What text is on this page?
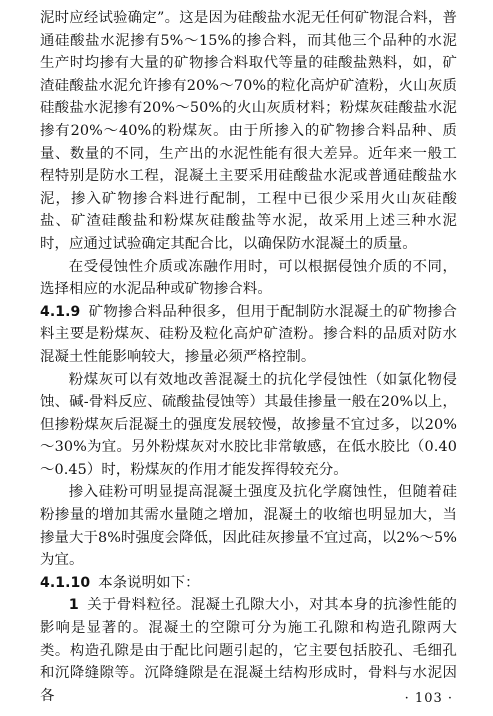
泥时应经试验确定”。这是因为硅酸盐水泥无任何矿物混合料，普通硅酸盐水泥掺有5%～15%的掺合料，而其他三个品种的水泥生产时均掺有大量的矿物掺合料取代等量的硅酸盐熟料，如，矿渣硅酸盐水泥允许掺有20%～70%的粒化高炉矿渣粉，火山灰质硅酸盐水泥掺有20%～50%的火山灰质材料；粉煤灰硅酸盐水泥掺有20%～40%的粉煤灰。由于所掺入的矿物掺合料品种、质量、数量的不同，生产出的水泥性能有很大差异。近年来一般工程特别是防水工程，混凝土主要采用硅酸盐水泥或普通硅酸盐水泥，掺入矿物掺合料进行配制，工程中已很少采用火山灰硅酸盐、矿渣硅酸盐和粉煤灰硅酸盐等水泥，故采用上述三种水泥时，应通过试验确定其配合比，以确保防水混凝土的质量。

在受侵蚀性介质或冻融作用时，可以根据侵蚀介质的不同，选择相应的水泥品种或矿物掺合料。

4.1.9 矿物掺合料品种很多，但用于配制防水混凝土的矿物掺合料主要是粉煤灰、硅粉及粒化高炉矿渣粉。掺合料的品质对防水混凝土性能影响较大，掺量必须严格控制。

粉煤灰可以有效地改善混凝土的抗化学侵蚀性（如氯化物侵蚀、碱-骨料反应、硫酸盐侵蚀等）其最佳掺量一般在20%以上，但掺粉煤灰后混凝土的强度发展较慢，故掺量不宜过多，以20%～30%为宜。另外粉煤灰对水胶比非常敏感，在低水胶比（0.40～0.45）时，粉煤灰的作用才能发挥得较充分。

掺入硅粉可明显提高混凝土强度及抗化学腐蚀性，但随着硅粉掺量的增加其需水量随之增加，混凝土的收缩也明显加大，当掺量大于8%时强度会降低，因此硅灰掺量不宜过高，以2%～5%为宜。

4.1.10 本条说明如下：

1 关于骨料粒径。混凝土孔隙大小，对其本身的抗渗性能的影响是显著的。混凝土的空隙可分为施工孔隙和构造孔隙两大类。构造孔隙是由于配比问题引起的，它主要包括胶孔、毛细孔和沉降缝隙等。沉降缝隙是在混凝土结构形成时，骨料与水泥因各	· 103 ·
